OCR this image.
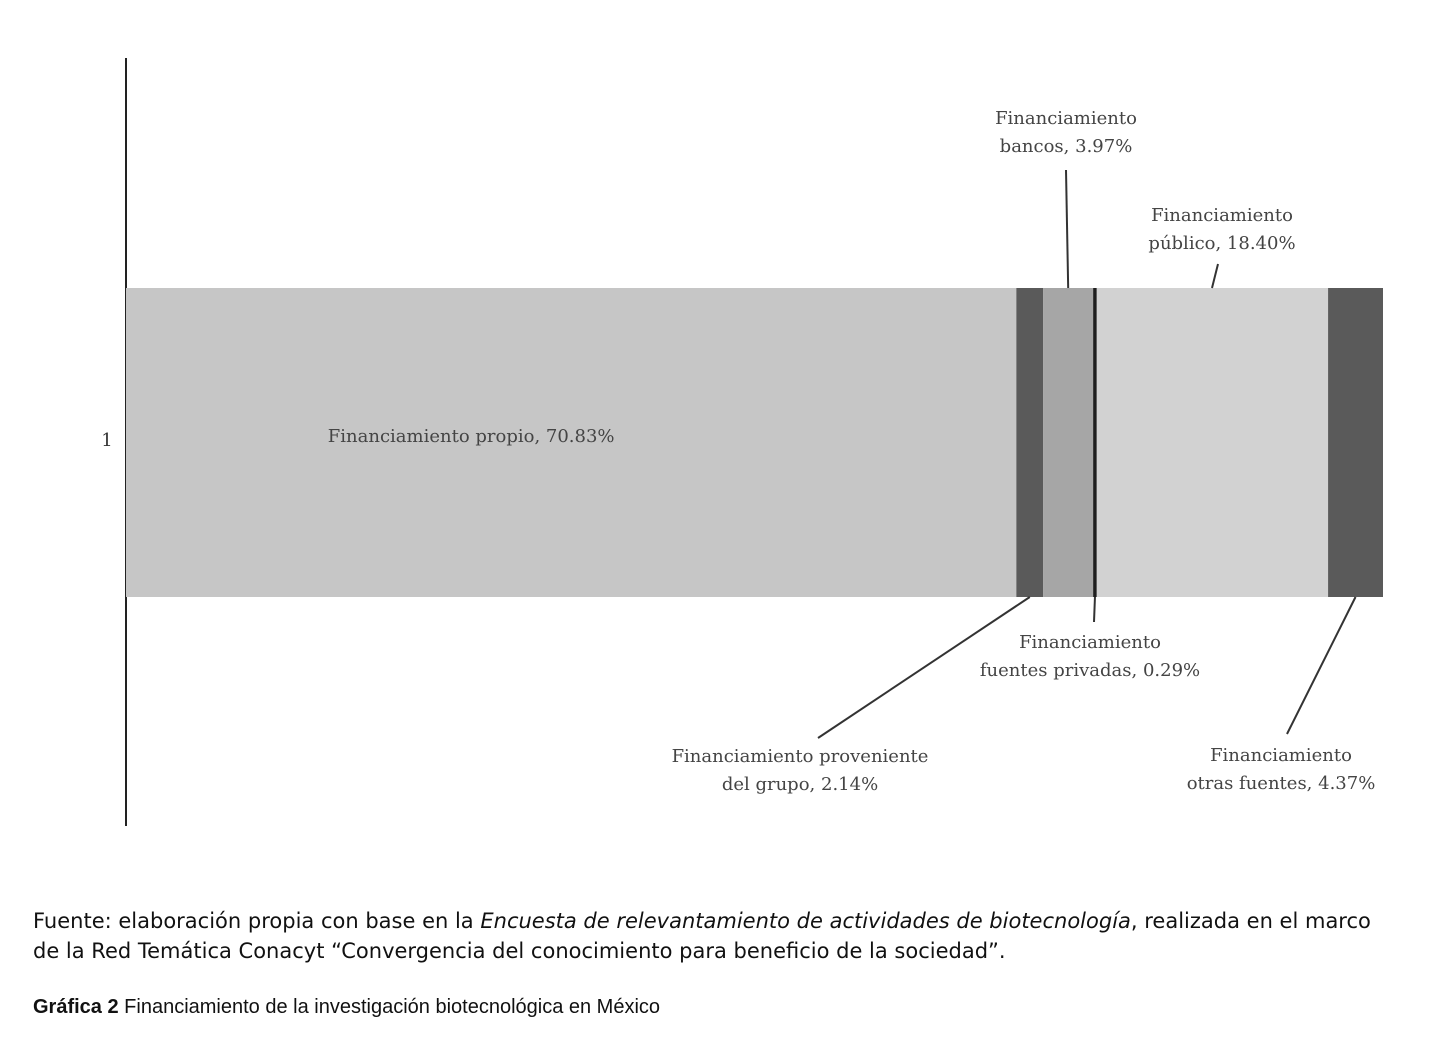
1	Financiamiento propio, 70.83%
Financiamiento proveniente del grupo, 2.14%
Financiamiento bancos, 3.97%
Financiamiento fuentes privadas, 0.29%
Financiamiento público, 18.40%
Financiamiento otras fuentes, 4.37%
Fuente: elaboración propia con base en la Encuesta de relevantamiento de actividades de biotecnología, realizada en el marco de la Red Temática Conacyt “Convergencia del conocimiento para beneficio de la sociedad”.
Gráfica 2 Financiamiento de la investigación biotecnológica en México
